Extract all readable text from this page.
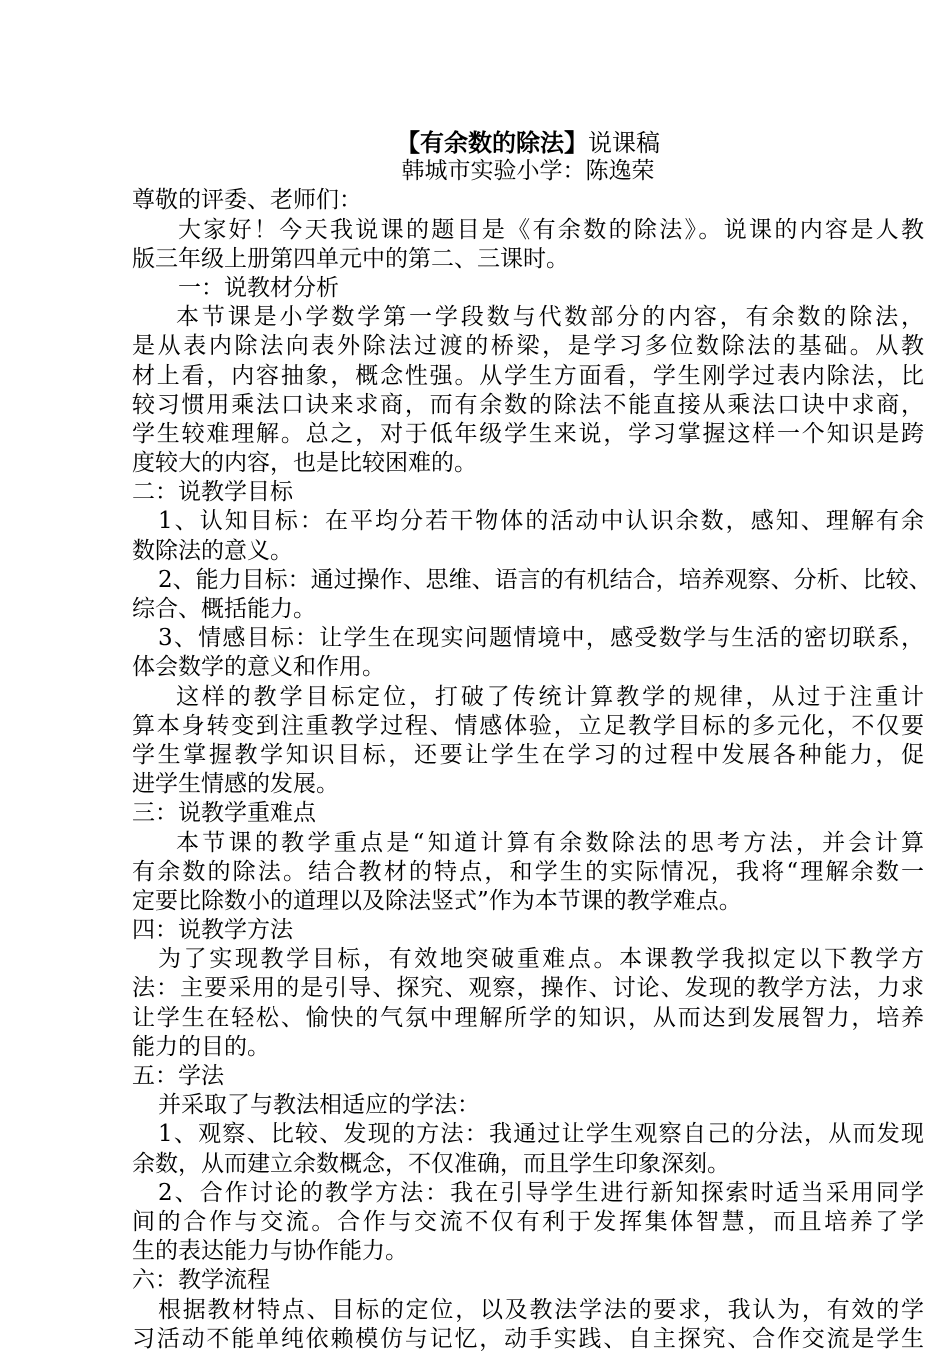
【有余数的除法】说课稿
韩城市实验小学：陈逸荣
尊敬的评委、老师们：
大家好！今天我说课的题目是《有余数的除法》。说课的内容是人教
版三年级上册第四单元中的第二、三课时。
一：说教材分析
本节课是小学数学第一学段数与代数部分的内容，有余数的除法，
是从表内除法向表外除法过渡的桥梁，是学习多位数除法的基础。从教
材上看，内容抽象，概念性强。从学生方面看，学生刚学过表内除法，比
较习惯用乘法口诀来求商，而有余数的除法不能直接从乘法口诀中求商，
学生较难理解。总之，对于低年级学生来说，学习掌握这样一个知识是跨
度较大的内容，也是比较困难的。
二：说教学目标
1、认知目标：在平均分若干物体的活动中认识余数，感知、理解有余
数除法的意义。
2、能力目标：通过操作、思维、语言的有机结合，培养观察、分析、比较、
综合、概括能力。
3、情感目标：让学生在现实问题情境中，感受数学与生活的密切联系，
体会数学的意义和作用。
这样的教学目标定位，打破了传统计算教学的规律，从过于注重计
算本身转变到注重教学过程、情感体验，立足教学目标的多元化，不仅要
学生掌握教学知识目标，还要让学生在学习的过程中发展各种能力，促
进学生情感的发展。
三：说教学重难点
本节课的教学重点是“知道计算有余数除法的思考方法，并会计算
有余数的除法。结合教材的特点，和学生的实际情况，我将“理解余数一
定要比除数小的道理以及除法竖式”作为本节课的教学难点。
四：说教学方法
为了实现教学目标，有效地突破重难点。本课教学我拟定以下教学方
法：主要采用的是引导、探究、观察，操作、讨论、发现的教学方法，力求
让学生在轻松、愉快的气氛中理解所学的知识，从而达到发展智力，培养
能力的目的。
五：学法
并采取了与教法相适应的学法：
1、观察、比较、发现的方法：我通过让学生观察自己的分法，从而发现
余数，从而建立余数概念，不仅准确，而且学生印象深刻。
2、合作讨论的教学方法：我在引导学生进行新知探索时适当采用同学
间的合作与交流。合作与交流不仅有利于发挥集体智慧，而且培养了学
生的表达能力与协作能力。
六：教学流程
根据教材特点、目标的定位，以及教法学法的要求，我认为，有效的学
习活动不能单纯依赖模仿与记忆，动手实践、自主探究、合作交流是学生
